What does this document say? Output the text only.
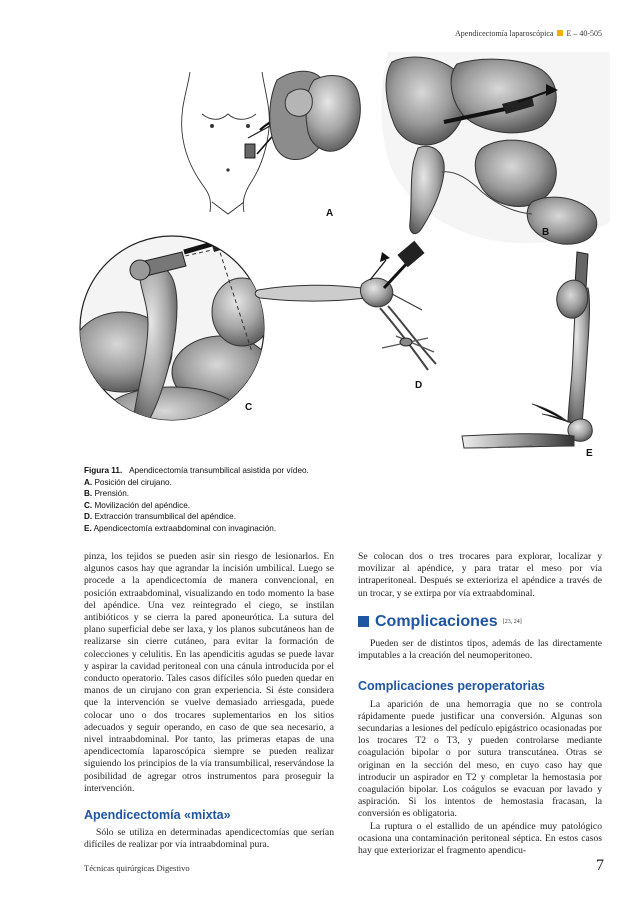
Apendicectomía laparoscópica E – 40-505
A
B
C
D
E
Figura 11. Apendicectomía transumbilical asistida por vídeo.
A. Posición del cirujano.
B. Prensión.
C. Movilización del apéndice.
D. Extracción transumbilical del apéndice.
E. Apendicectomía extraabdominal con invaginación.

pinza, los tejidos se pueden asir sin riesgo de lesionarlos. En algunos casos hay que agrandar la incisión umbilical. Luego se procede a la apendicectomía de manera convencional, en posición extraabdominal, visualizando en todo momento la base del apéndice. Una vez reintegrado el ciego, se instilan antibióticos y se cierra la pared aponeurótica. La sutura del plano superficial debe ser laxa, y los planos subcutáneos han de realizarse sin cierre cutáneo, para evitar la formación de colecciones y celulitis. En las apendicitis agudas se puede lavar y aspirar la cavidad peritoneal con una cánula introducida por el conducto operatorio. Tales casos difíciles sólo pueden quedar en manos de un cirujano con gran experiencia. Si éste considera que la intervención se vuelve demasiado arriesgada, puede colocar uno o dos trocares suplementarios en los sitios adecuados y seguir operando, en caso de que sea necesario, a nivel intraabdominal. Por tanto, las primeras etapas de una apendicectomía laparoscópica siempre se pueden realizar siguiendo los principios de la vía transumbilical, reservándose la posibilidad de agregar otros instrumentos para proseguir la intervención.

Apendicectomía «mixta»

Sólo se utiliza en determinadas apendicectomías que serían difíciles de realizar por vía intraabdominal pura.

Se colocan dos o tres trocares para explorar, localizar y movilizar al apéndice, y para tratar el meso por vía intraperitoneal. Después se exterioriza el apéndice a través de un trocar, y se extirpa por vía extraabdominal.

Complicaciones [23, 24]

Pueden ser de distintos tipos, además de las directamente imputables a la creación del neumoperitoneo.

Complicaciones peroperatorias

La aparición de una hemorragia que no se controla rápidamente puede justificar una conversión. Algunas son secundarias a lesiones del pedículo epigástrico ocasionadas por los trocares T2 o T3, y pueden controlarse mediante coagulación bipolar o por sutura transcutánea. Otras se originan en la sección del meso, en cuyo caso hay que introducir un aspirador en T2 y completar la hemostasia por coagulación bipolar. Los coágulos se evacuan por lavado y aspiración. Si los intentos de hemostasia fracasan, la conversión es obligatoria.

La ruptura o el estallido de un apéndice muy patológico ocasiona una contaminación peritoneal séptica. En estos casos hay que exteriorizar el fragmento apendicu-

Técnicas quirúrgicas Digestivo	7
